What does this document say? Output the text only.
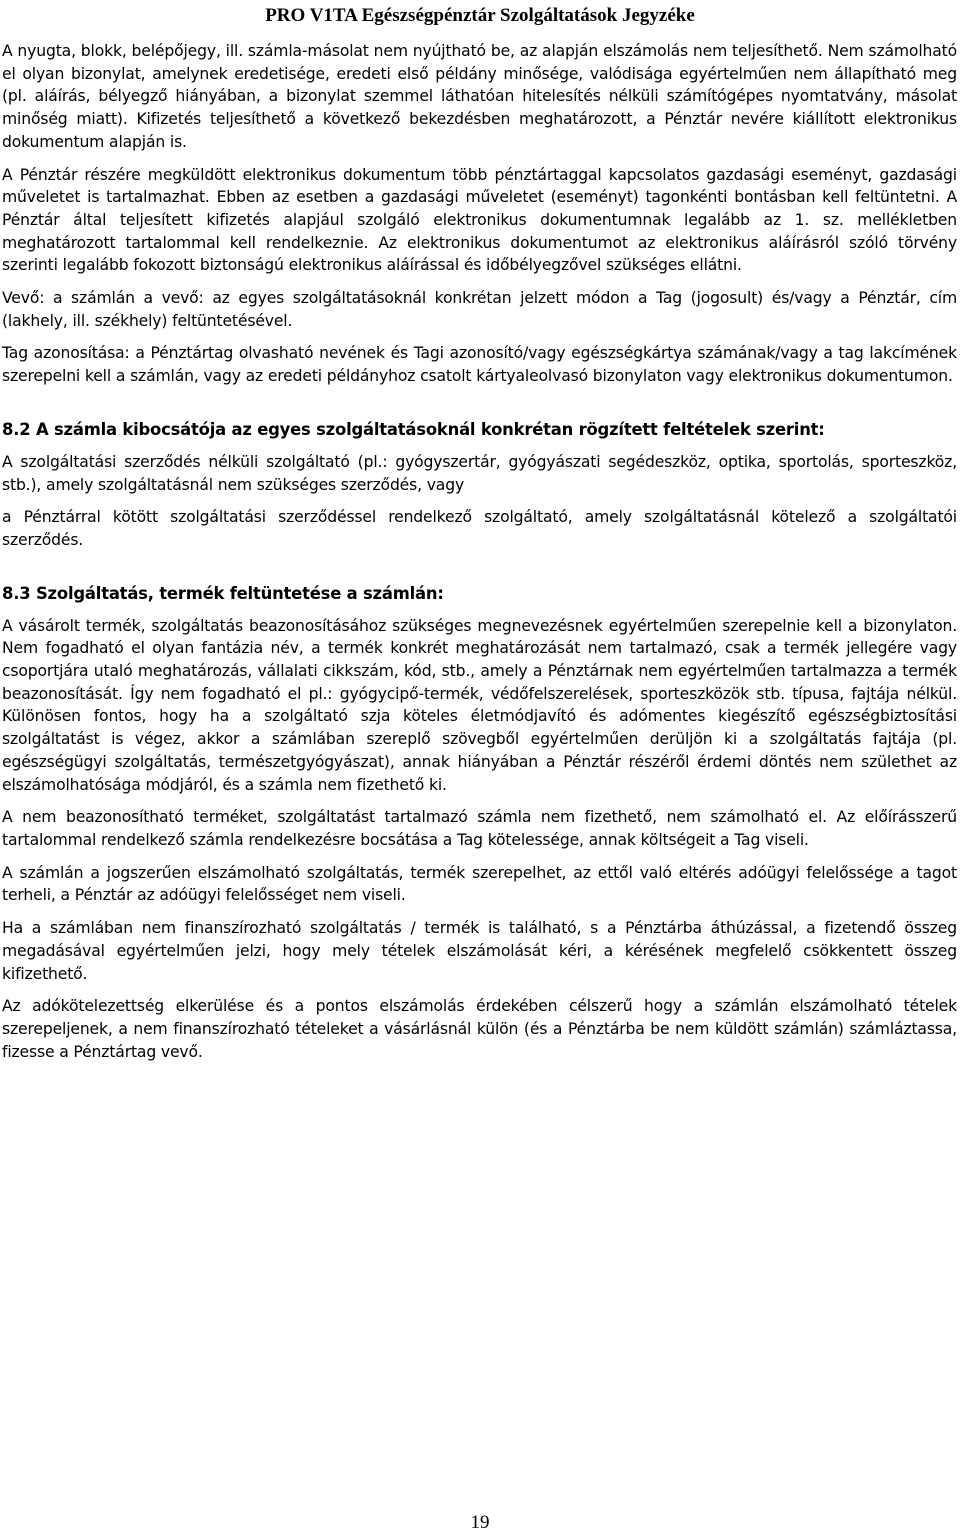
PRO V1TA Egészségpénztár Szolgáltatások Jegyzéke

A nyugta, blokk, belépőjegy, ill. számla-másolat nem nyújtható be, az alapján elszámolás nem teljesíthető. Nem számolható el olyan bizonylat, amelynek eredetisége, eredeti első példány minősége, valódisága egyértelműen nem állapítható meg (pl. aláírás, bélyegző hiányában, a bizonylat szemmel láthatóan hitelesítés nélküli számítógépes nyomtatvány, másolat minőség miatt). Kifizetés teljesíthető a következő bekezdésben meghatározott, a Pénztár nevére kiállított elektronikus dokumentum alapján is.

A Pénztár részére megküldött elektronikus dokumentum több pénztártaggal kapcsolatos gazdasági eseményt, gazdasági műveletet is tartalmazhat. Ebben az esetben a gazdasági műveletet (eseményt) tagonkénti bontásban kell feltüntetni. A Pénztár által teljesített kifizetés alapjául szolgáló elektronikus dokumentumnak legalább az 1. sz. mellékletben meghatározott tartalommal kell rendelkeznie. Az elektronikus dokumentumot az elektronikus aláírásról szóló törvény szerinti legalább fokozott biztonságú elektronikus aláírással és időbélyegzővel szükséges ellátni.

Vevő: a számlán a vevő: az egyes szolgáltatásoknál konkrétan jelzett módon a Tag (jogosult) és/vagy a Pénztár, cím (lakhely, ill. székhely) feltüntetésével.

Tag azonosítása: a Pénztártag olvasható nevének és Tagi azonosító/vagy egészségkártya számának/vagy a tag lakcímének szerepelni kell a számlán, vagy az eredeti példányhoz csatolt kártyaleolvasó bizonylaton vagy elektronikus dokumentumon.

8.2 A számla kibocsátója az egyes szolgáltatásoknál konkrétan rögzített feltételek szerint:

A szolgáltatási szerződés nélküli szolgáltató (pl.: gyógyszertár, gyógyászati segédeszköz, optika, sportolás, sporteszköz, stb.), amely szolgáltatásnál nem szükséges szerződés, vagy

a Pénztárral kötött szolgáltatási szerződéssel rendelkező szolgáltató, amely szolgáltatásnál kötelező a szolgáltatói szerződés.

8.3 Szolgáltatás, termék feltüntetése a számlán:

A vásárolt termék, szolgáltatás beazonosításához szükséges megnevezésnek egyértelműen szerepelnie kell a bizonylaton. Nem fogadható el olyan fantázia név, a termék konkrét meghatározását nem tartalmazó, csak a termék jellegére vagy csoportjára utaló meghatározás, vállalati cikkszám, kód, stb., amely a Pénztárnak nem egyértelműen tartalmazza a termék beazonosítását. Így nem fogadható el pl.: gyógycipő-termék, védőfelszerelések, sporteszközök stb. típusa, fajtája nélkül. Különösen fontos, hogy ha a szolgáltató szja köteles életmódjavító és adómentes kiegészítő egészségbiztosítási szolgáltatást is végez, akkor a számlában szereplő szövegből egyértelműen derüljön ki a szolgáltatás fajtája (pl. egészségügyi szolgáltatás, természetgyógyászat), annak hiányában a Pénztár részéről érdemi döntés nem születhet az elszámolhatósága módjáról, és a számla nem fizethető ki.

A nem beazonosítható terméket, szolgáltatást tartalmazó számla nem fizethető, nem számolható el. Az előírásszerű tartalommal rendelkező számla rendelkezésre bocsátása a Tag kötelessége, annak költségeit a Tag viseli.

A számlán a jogszerűen elszámolható szolgáltatás, termék szerepelhet, az ettől való eltérés adóügyi felelőssége a tagot terheli, a Pénztár az adóügyi felelősséget nem viseli.

Ha a számlában nem finanszírozható szolgáltatás / termék is található, s a Pénztárba áthúzással, a fizetendő összeg megadásával egyértelműen jelzi, hogy mely tételek elszámolását kéri, a kérésének megfelelő csökkentett összeg kifizethető.

Az adókötelezettség elkerülése és a pontos elszámolás érdekében célszerű hogy a számlán elszámolható tételek szerepeljenek, a nem finanszírozható tételeket a vásárlásnál külön (és a Pénztárba be nem küldött számlán) számláztassa, fizesse a Pénztártag vevő.

19
